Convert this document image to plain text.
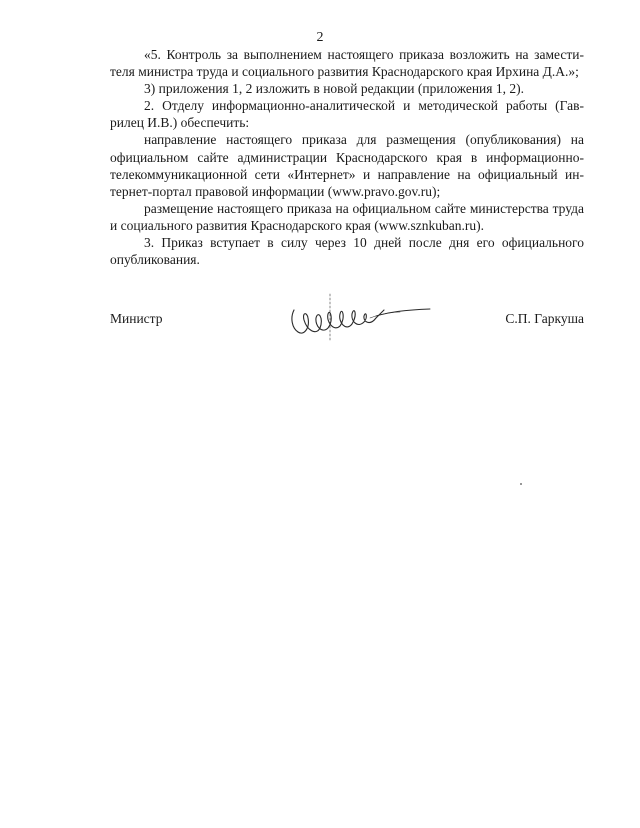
2

«5. Контроль за выполнением настоящего приказа возложить на заместителя министра труда и социального развития Краснодарского края Ирхина Д.А.»;

3) приложения 1, 2 изложить в новой редакции (приложения 1, 2).

2. Отделу информационно-аналитической и методической работы (Гаврилец И.В.) обеспечить:

направление настоящего приказа для размещения (опубликования) на официальном сайте администрации Краснодарского края в информационно-телекоммуникационной сети «Интернет» и направление на официальный интернет-портал правовой информации (www.pravo.gov.ru);

размещение настоящего приказа на официальном сайте министерства труда и социального развития Краснодарского края (www.sznkuban.ru).

3. Приказ вступает в силу через 10 дней после дня его официального опубликования.

Министр	С.П. Гаркуша
